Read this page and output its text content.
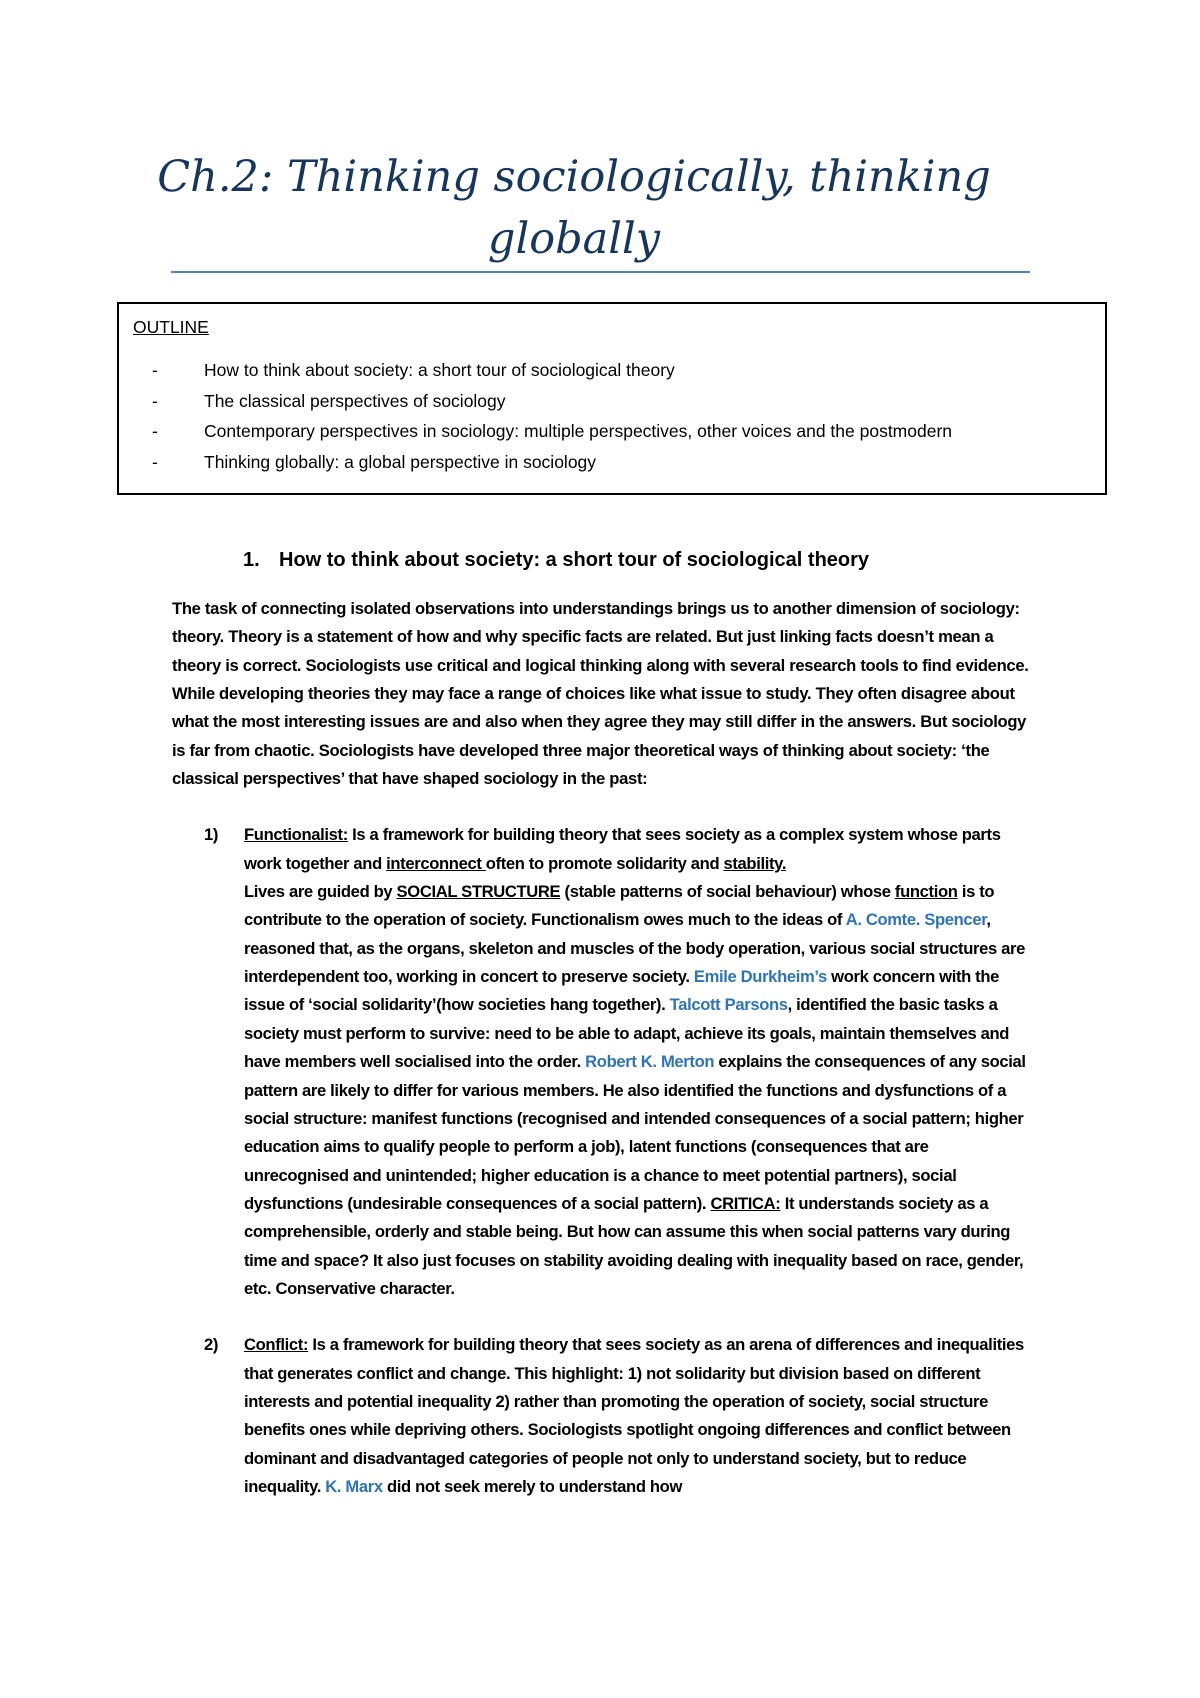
Ch.2: Thinking sociologically, thinking globally

OUTLINE

-	How to think about society: a short tour of sociological theory
-	The classical perspectives of sociology
-	Contemporary perspectives in sociology: multiple perspectives, other voices and the postmodern
-	Thinking globally: a global perspective in sociology
1. How to think about society: a short tour of sociological theory

The task of connecting isolated observations into understandings brings us to another dimension of sociology: theory. Theory is a statement of how and why specific facts are related. But just linking facts doesn’t mean a theory is correct. Sociologists use critical and logical thinking along with several research tools to find evidence. While developing theories they may face a range of choices like what issue to study. They often disagree about what the most interesting issues are and also when they agree they may still differ in the answers. But sociology is far from chaotic. Sociologists have developed three major theoretical ways of thinking about society: ‘the classical perspectives’ that have shaped sociology in the past:

1) Functionalist: Is a framework for building theory that sees society as a complex system whose parts work together and interconnect often to promote solidarity and stability.
Lives are guided by SOCIAL STRUCTURE (stable patterns of social behaviour) whose function is to contribute to the operation of society. Functionalism owes much to the ideas of A. Comte. Spencer, reasoned that, as the organs, skeleton and muscles of the body operation, various social structures are interdependent too, working in concert to preserve society. Emile Durkheim’s work concern with the issue of ‘social solidarity’(how societies hang together). Talcott Parsons, identified the basic tasks a society must perform to survive: need to be able to adapt, achieve its goals, maintain themselves and have members well socialised into the order. Robert K. Merton explains the consequences of any social pattern are likely to differ for various members. He also identified the functions and dysfunctions of a social structure: manifest functions (recognised and intended consequences of a social pattern; higher education aims to qualify people to perform a job), latent functions (consequences that are unrecognised and unintended; higher education is a chance to meet potential partners), social dysfunctions (undesirable consequences of a social pattern). CRITICA: It understands society as a comprehensible, orderly and stable being. But how can assume this when social patterns vary during time and space? It also just focuses on stability avoiding dealing with inequality based on race, gender, etc. Conservative character.

2) Conflict: Is a framework for building theory that sees society as an arena of differences and inequalities that generates conflict and change. This highlight: 1) not solidarity but division based on different interests and potential inequality 2) rather than promoting the operation of society, social structure benefits ones while depriving others. Sociologists spotlight ongoing differences and conflict between dominant and disadvantaged categories of people not only to understand society, but to reduce inequality. K. Marx did not seek merely to understand how
